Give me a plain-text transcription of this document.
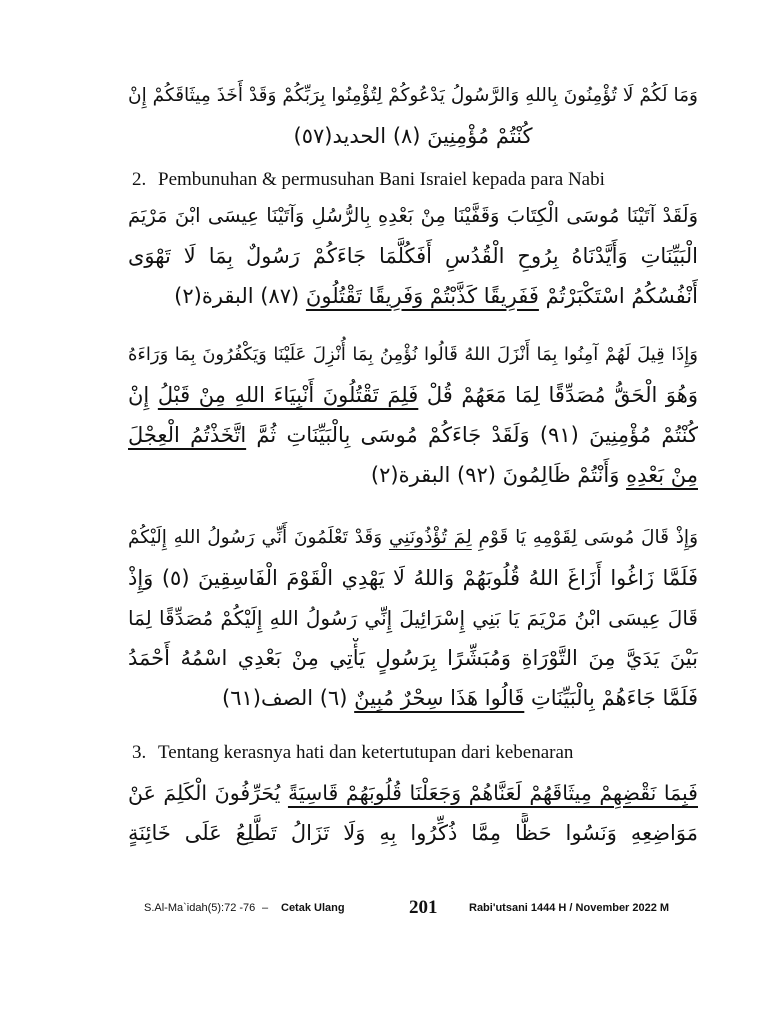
وَمَا لَكُمْ لَا تُؤْمِنُونَ بِاللهِ وَالرَّسُولُ يَدْعُوكُمْ لِتُؤْمِنُوا بِرَبِّكُمْ وَقَدْ أَخَذَ مِيثَاقَكُمْ إِنْ
كُنْتُمْ مُؤْمِنِينَ (٨) الحديد(٥٧)
2. Pembunuhan & permusuhan Bani Israiel kepada para Nabi
وَلَقَدْ آتَيْنَا مُوسَى الْكِتَابَ وَقَفَّيْنَا مِنْ بَعْدِهِ بِالرُّسُلِ وَآتَيْنَا عِيسَى ابْنَ مَرْيَمَ
الْبَيِّنَاتِ وَأَيَّدْنَاهُ بِرُوحِ الْقُدُسِ أَفَكُلَّمَا جَاءَكُمْ رَسُولٌ بِمَا لَا تَهْوَى
أَنْفُسُكُمُ اسْتَكْبَرْتُمْ فَفَرِيقًا كَذَّبْتُمْ وَفَرِيقًا تَقْتُلُونَ (٨٧) البقرة(٢)
وَإِذَا قِيلَ لَهُمْ آمِنُوا بِمَا أَنْزَلَ اللهُ قَالُوا نُؤْمِنُ بِمَا أُنْزِلَ عَلَيْنَا وَيَكْفُرُونَ بِمَا وَرَاءَهُ
وَهُوَ الْحَقُّ مُصَدِّقًا لِمَا مَعَهُمْ قُلْ فَلِمَ تَقْتُلُونَ أَنْبِيَاءَ اللهِ مِنْ قَبْلُ إِنْ
كُنْتُمْ مُؤْمِنِينَ (٩١) وَلَقَدْ جَاءَكُمْ مُوسَى بِالْبَيِّنَاتِ ثُمَّ اتَّخَذْتُمُ الْعِجْلَ
مِنْ بَعْدِهِ وَأَنْتُمْ ظَالِمُونَ (٩٢) البقرة(٢)
وَإِذْ قَالَ مُوسَى لِقَوْمِهِ يَا قَوْمِ لِمَ تُؤْذُونَنِي وَقَدْ تَعْلَمُونَ أَنِّي رَسُولُ اللهِ إِلَيْكُمْ
فَلَمَّا زَاغُوا أَزَاغَ اللهُ قُلُوبَهُمْ وَاللهُ لَا يَهْدِي الْقَوْمَ الْفَاسِقِينَ (٥) وَإِذْ
قَالَ عِيسَى ابْنُ مَرْيَمَ يَا بَنِي إِسْرَائِيلَ إِنِّي رَسُولُ اللهِ إِلَيْكُمْ مُصَدِّقًا لِمَا
بَيْنَ يَدَيَّ مِنَ التَّوْرَاةِ وَمُبَشِّرًا بِرَسُولٍ يَأْتِي مِنْ بَعْدِي اسْمُهُ أَحْمَدُ
فَلَمَّا جَاءَهُمْ بِالْبَيِّنَاتِ قَالُوا هَذَا سِحْرٌ مُبِينٌ (٦) الصف(٦١)
3. Tentang kerasnya hati dan ketertutupan dari kebenaran
فَبِمَا نَقْضِهِمْ مِيثَاقَهُمْ لَعَنَّاهُمْ وَجَعَلْنَا قُلُوبَهُمْ قَاسِيَةً يُحَرِّفُونَ الْكَلِمَ عَنْ
مَوَاضِعِهِ وَنَسُوا حَظًّا مِمَّا ذُكِّرُوا بِهِ وَلَا تَزَالُ تَطَّلِعُ عَلَى خَائِنَةٍ
S.Al-Ma`idah(5):72 -76 –	Cetak Ulang	201	Rabi'utsani 1444 H / November 2022 M
